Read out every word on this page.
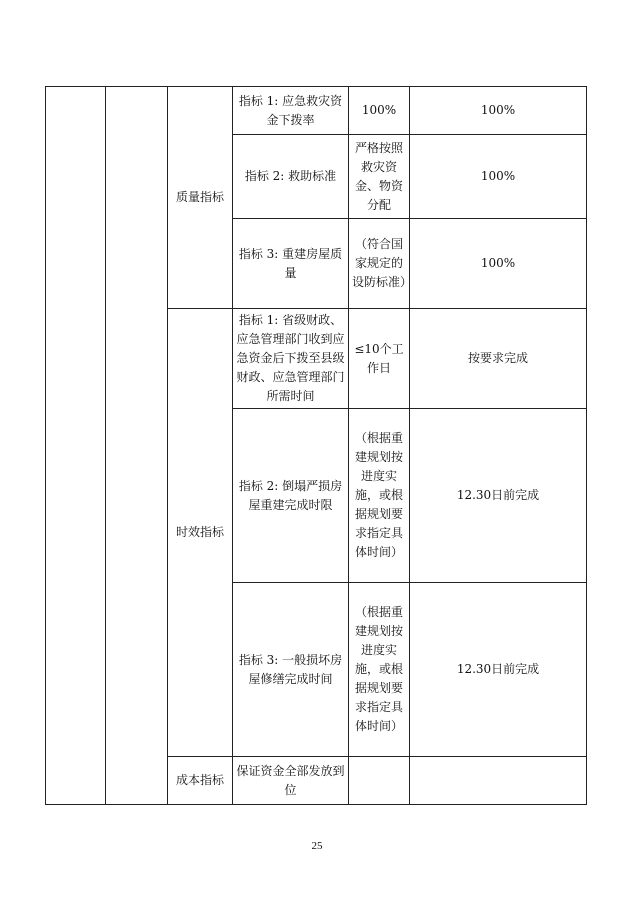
		质量指标	指标 1: 应急救灾资金下拨率	100%	100%
			指标 2: 救助标准	严格按照救灾资金、物资分配	100%
			指标 3: 重建房屋质量	（符合国家规定的设防标准）	100%
		时效指标	指标 1: 省级财政、应急管理部门收到应急资金后下拨至县级财政、应急管理部门所需时间	≤10个工作日	按要求完成
			指标 2: 倒塌严损房屋重建完成时限	（根据重建规划按进度实施，或根据规划要求指定具体时间）	12.30日前完成
			指标 3: 一般损坏房屋修缮完成时间	（根据重建规划按进度实施，或根据规划要求指定具体时间）	12.30日前完成
		成本指标	保证资金全部发放到位		
25
